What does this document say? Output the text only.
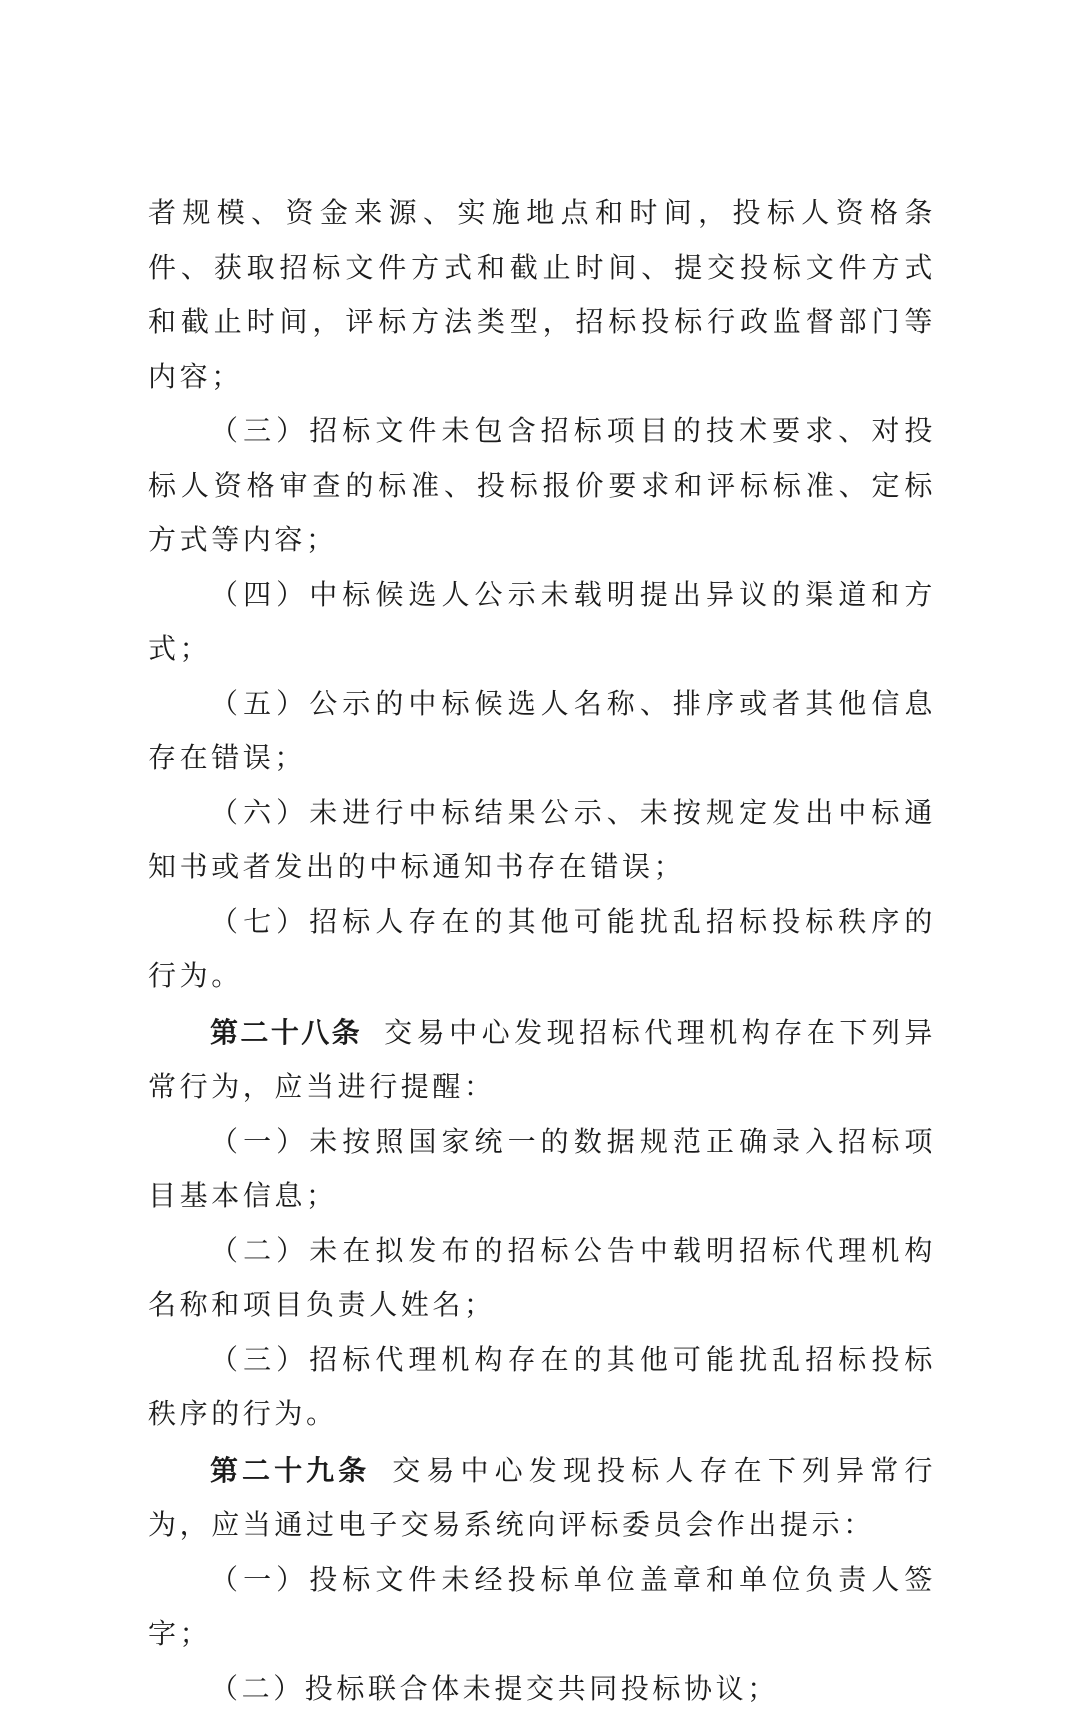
者规模、资金来源、实施地点和时间，投标人资格条件、获取招标文件方式和截止时间、提交投标文件方式和截止时间，评标方法类型，招标投标行政监督部门等内容；

（三）招标文件未包含招标项目的技术要求、对投标人资格审查的标准、投标报价要求和评标标准、定标方式等内容；

（四）中标候选人公示未载明提出异议的渠道和方式；

（五）公示的中标候选人名称、排序或者其他信息存在错误；

（六）未进行中标结果公示、未按规定发出中标通知书或者发出的中标通知书存在错误；

（七）招标人存在的其他可能扰乱招标投标秩序的行为。

第二十八条 交易中心发现招标代理机构存在下列异常行为，应当进行提醒：

（一）未按照国家统一的数据规范正确录入招标项目基本信息；

（二）未在拟发布的招标公告中载明招标代理机构名称和项目负责人姓名；

（三）招标代理机构存在的其他可能扰乱招标投标秩序的行为。

第二十九条 交易中心发现投标人存在下列异常行为，应当通过电子交易系统向评标委员会作出提示：

（一）投标文件未经投标单位盖章和单位负责人签字；

（二）投标联合体未提交共同投标协议；
